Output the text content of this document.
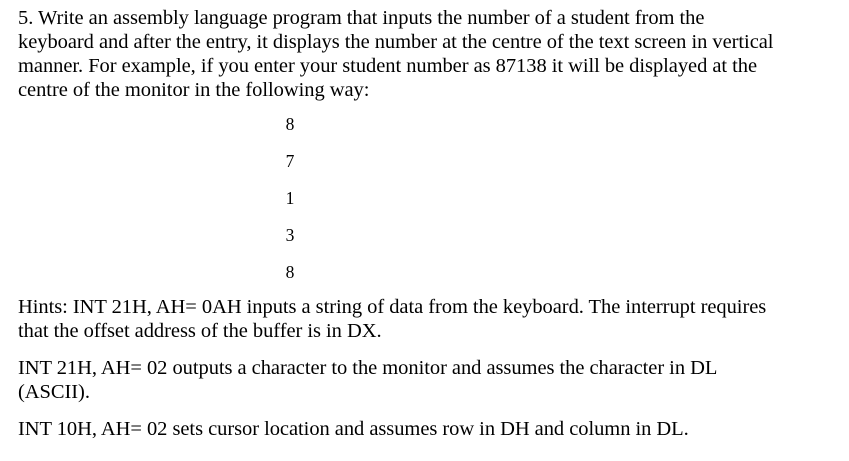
5. Write an assembly language program that inputs the number of a student from the
keyboard and after the entry, it displays the number at the centre of the text screen in vertical
manner. For example, if you enter your student number as 87138 it will be displayed at the
centre of the monitor in the following way:
8
7
1
3
8
Hints: INT 21H, AH= 0AH inputs a string of data from the keyboard. The interrupt requires
that the offset address of the buffer is in DX.
INT 21H, AH= 02 outputs a character to the monitor and assumes the character in DL
(ASCII).
INT 10H, AH= 02 sets cursor location and assumes row in DH and column in DL.
